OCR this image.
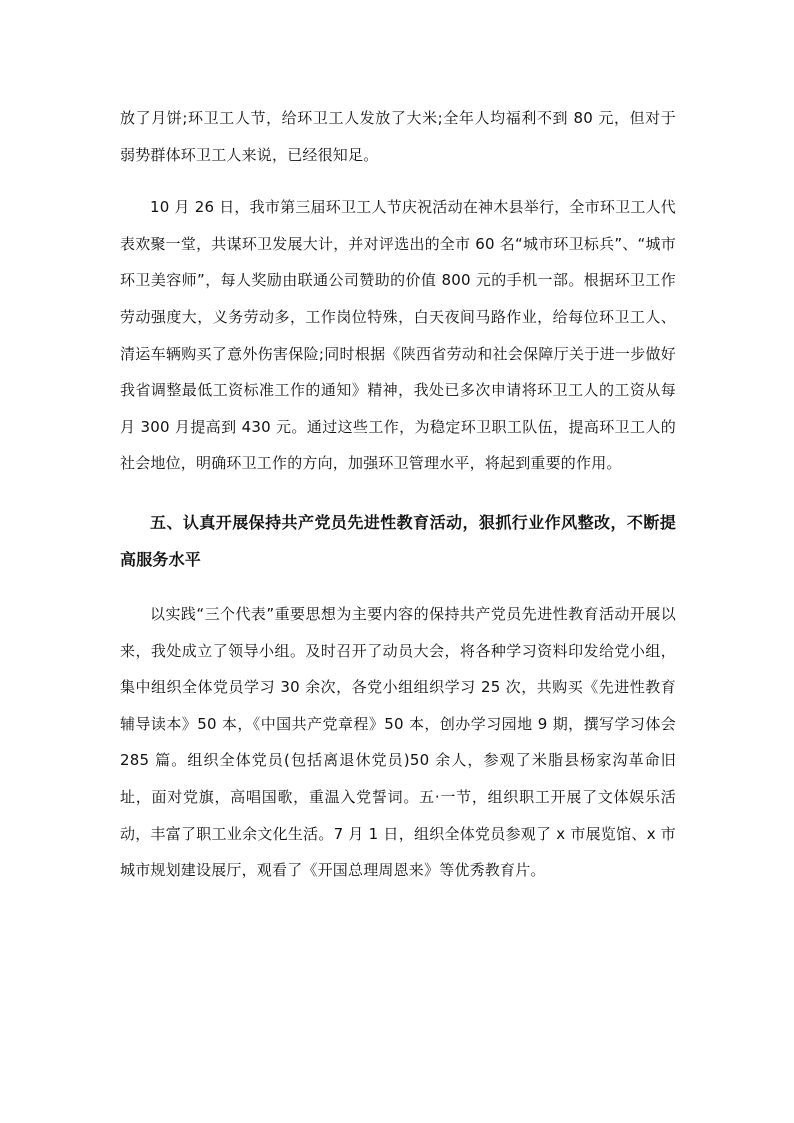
放了月饼;环卫工人节，给环卫工人发放了大米;全年人均福利不到 80 元，但对于弱势群体环卫工人来说，已经很知足。

10 月 26 日，我市第三届环卫工人节庆祝活动在神木县举行，全市环卫工人代表欢聚一堂，共谋环卫发展大计，并对评选出的全市 60 名“城市环卫标兵”、“城市环卫美容师”，每人奖励由联通公司赞助的价值 800 元的手机一部。根据环卫工作劳动强度大，义务劳动多，工作岗位特殊，白天夜间马路作业，给每位环卫工人、清运车辆购买了意外伤害保险;同时根据《陕西省劳动和社会保障厅关于进一步做好我省调整最低工资标准工作的通知》精神，我处已多次申请将环卫工人的工资从每月 300 月提高到 430 元。通过这些工作，为稳定环卫职工队伍，提高环卫工人的社会地位，明确环卫工作的方向，加强环卫管理水平，将起到重要的作用。

五、认真开展保持共产党员先进性教育活动，狠抓行业作风整改，不断提高服务水平

以实践“三个代表”重要思想为主要内容的保持共产党员先进性教育活动开展以来，我处成立了领导小组。及时召开了动员大会，将各种学习资料印发给党小组，集中组织全体党员学习 30 余次，各党小组组织学习 25 次，共购买《先进性教育辅导读本》50 本，《中国共产党章程》50 本，创办学习园地 9 期，撰写学习体会 285 篇。组织全体党员(包括离退休党员)50 余人，参观了米脂县杨家沟革命旧址，面对党旗，高唱国歌，重温入党誓词。五·一节，组织职工开展了文体娱乐活动，丰富了职工业余文化生活。7 月 1 日，组织全体党员参观了 x 市展览馆、x 市城市规划建设展厅，观看了《开国总理周恩来》等优秀教育片。
